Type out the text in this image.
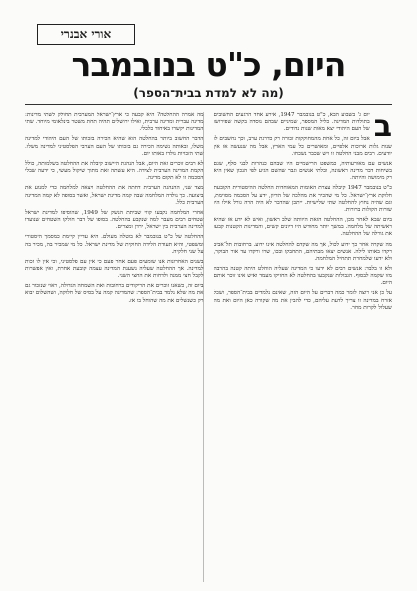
אורי אבנרי
היום, כ"ט בנובמבר
(מה לא למדת בבית־הספר)
ב

יום ג' בשבוע הבא, כ"ט בנובמבר 1947, אירע אחד הרגעים החשובים בתולדות המדינה. כליל המספר, שמיניים שבהם נוסדה בקשה שפירושו של העם היהודי יצא מאות שנות נדודים.

אבל ביום זה, כל אחת מהמחוקקות זכורה רק כדרגת ערב, וכך נחשבים לו שנות גלות ארוכות אלפיים, ומאושרים כל עמי הארץ, אבל מה שנעשה אז אין יודעים. רבים מבני החלטה זו ויש שכבר נשכחו.

אנשים עם מאורעותיה, כמשפט הרישמיים היו שבהם כנהרות לבני סלף, שגם בשיחות דבר מדינה ראשונה, ובלתי אנשים וגבר שהשם הגיע לפי הנכון שאין היא רק מימושה והיותה.

כ"ט בנובמבר 1947 קיבלה עצרת האומות המאוחדות החלטה ההיסטורית הקובעת חלוקת ארץ־ישראל. כל מי שהכיר את מהלכה של הדיון, ידע על הסכמה מסוימת, וגם שהיה נחוץ להחלטה שתי שלישיות. ייתכן שהדבר לא היה הרה גורל אילו היו שורות הקולות ברורות.

ביום שבא לאחר מכן, ההחלטה הזאת היוותה שלב ראשון, ואיש לא ידע אז שהיא ראשיתה של מלחמה. במשך יותר מחודש היו דיונים קשים, והמדינות הקטנות קבעו את גורלה של ההחלטה.

מה שקרה אחר כך ידוע לכול, אך מה שקדם להחלטה אינו ידוע. ברחובות תל־אביב רקדו באותו לילה. אנשים יצאו מבתיהם, התחבקו ובכו, שרו ורקדו עד אור הבוקר, ולא ידעו שלמחרת תתחיל המלחמה.

ולא זו בלבד: אנשים רבים לא ידעו כי המדינה שעליה הוחלט היתה קטנה בהרבה מזו שקמה לבסוף. הגבולות שנקבעו בהחלטה לא החזיקו מעמד ואיש אינו זוכר אותם היום.

על כן אני רוצה לומר כמה דברים על היום הזה, שאינם נלמדים בבית־הספר, ושכל אזרח במדינה זו צריך לדעת עליהם, כדי להבין את מה שקורה כאן היום ואת מה שעלול לקרות מחר.

מה אמרה ההחלטה? היא קבעה כי ארץ־ישראל המערבית תחולק לשתי מדינות: מדינה עברית ומדינה ערבית, ואילו ירושלים תהיה תחת משטר בינלאומי מיוחד. שתי המדינות יקשרו באיחוד כלכלי.

הדבר החשוב ביותר בהחלטה הוא שהיא הכירה בזכותו של העם היהודי למדינה משלו, ובאותה נשימה הכירה גם בזכותו של העם הערבי הפלסטיני למדינה משלו. שתי הזכויות נולדו באותו יום.

לא רבים זוכרים זאת היום, אבל הנהגת היישוב קיבלה את ההחלטה בשלמותה, כולל הקמת המדינה הערבית לצידה. היא עשתה זאת מתוך שיקול מעשי, כי ידעה שבלי הסכמה זו לא תקום מדינה.

מצד שני, ההנהגה הערבית דחתה את ההחלטה ויצאה למלחמה כדי למנוע את ביצועה. כך נולדה המלחמה שבה קמה מדינת ישראל, ואשר בסופה לא קמה המדינה הערבית כלל.

אחרי המלחמה נקבעו קווי שביתת הנשק של 1949, שהוסיפו למדינת ישראל שטחים רבים מעבר למה שנקבע בהחלטה. בסופו של דבר חולקו השטחים שנועדו למדינה הערבית בין ישראל, ירדן ומצרים.

ההחלטה של כ"ט בנובמבר לא בוטלה מעולם. היא עדיין קיימת כמסמך היסטורי ומשפטי, והיא תעודת הלידה החוקית של מדינת ישראל. כל מי שמכיר בה, מכיר בה על שני חלקיה.

בשנים האחרונות אנו שומעים פעם אחר פעם כי אין עם פלסטיני, וכי אין לו זכות למדינה. אך ההחלטה שעליה נשענת המדינה עצמה קובעת אחרת, ואין אפשרות לקבל חצי ממנה ולדחות את החצי השני.

ביום זה, כשאנו זוכרים את הריקודים ברחובות ואת השמחה הגדולה, ראוי שנזכור גם את מה שלא נלמד בבית־הספר: שהמדינה קמה על בסיס של חלוקה, ושהשלום יבוא רק כשנשלים את מה שהוחל בו אז.
